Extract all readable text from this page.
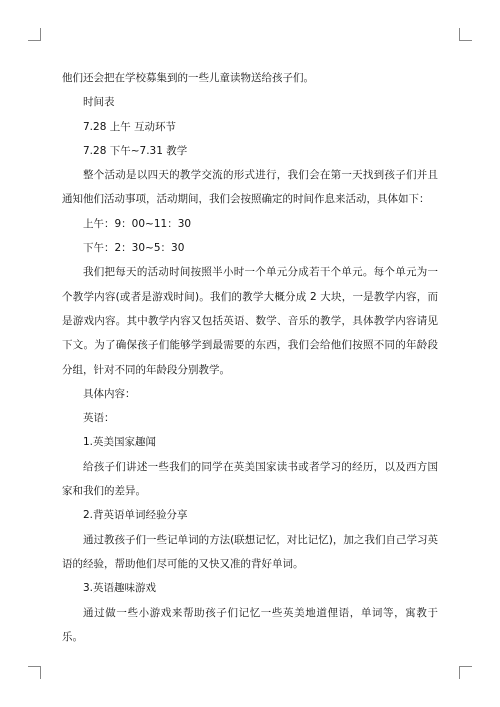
他们还会把在学校募集到的一些儿童读物送给孩子们。

时间表

7.28 上午 互动环节

7.28 下午~7.31 教学

整个活动是以四天的教学交流的形式进行，我们会在第一天找到孩子们并且通知他们活动事项，活动期间，我们会按照确定的时间作息来活动，具体如下：

上午：9：00~11：30

下午：2：30~5：30

我们把每天的活动时间按照半小时一个单元分成若干个单元。每个单元为一个教学内容(或者是游戏时间)。我们的教学大概分成 2 大块，一是教学内容，而是游戏内容。其中教学内容又包括英语、数学、音乐的教学，具体教学内容请见下文。为了确保孩子们能够学到最需要的东西，我们会给他们按照不同的年龄段分组，针对不同的年龄段分别教学。

具体内容：

英语：

1.英美国家趣闻

给孩子们讲述一些我们的同学在英美国家读书或者学习的经历，以及西方国家和我们的差异。

2.背英语单词经验分享

通过教孩子们一些记单词的方法(联想记忆，对比记忆)，加之我们自己学习英语的经验，帮助他们尽可能的又快又准的背好单词。

3.英语趣味游戏

通过做一些小游戏来帮助孩子们记忆一些英美地道俚语，单词等，寓教于乐。
